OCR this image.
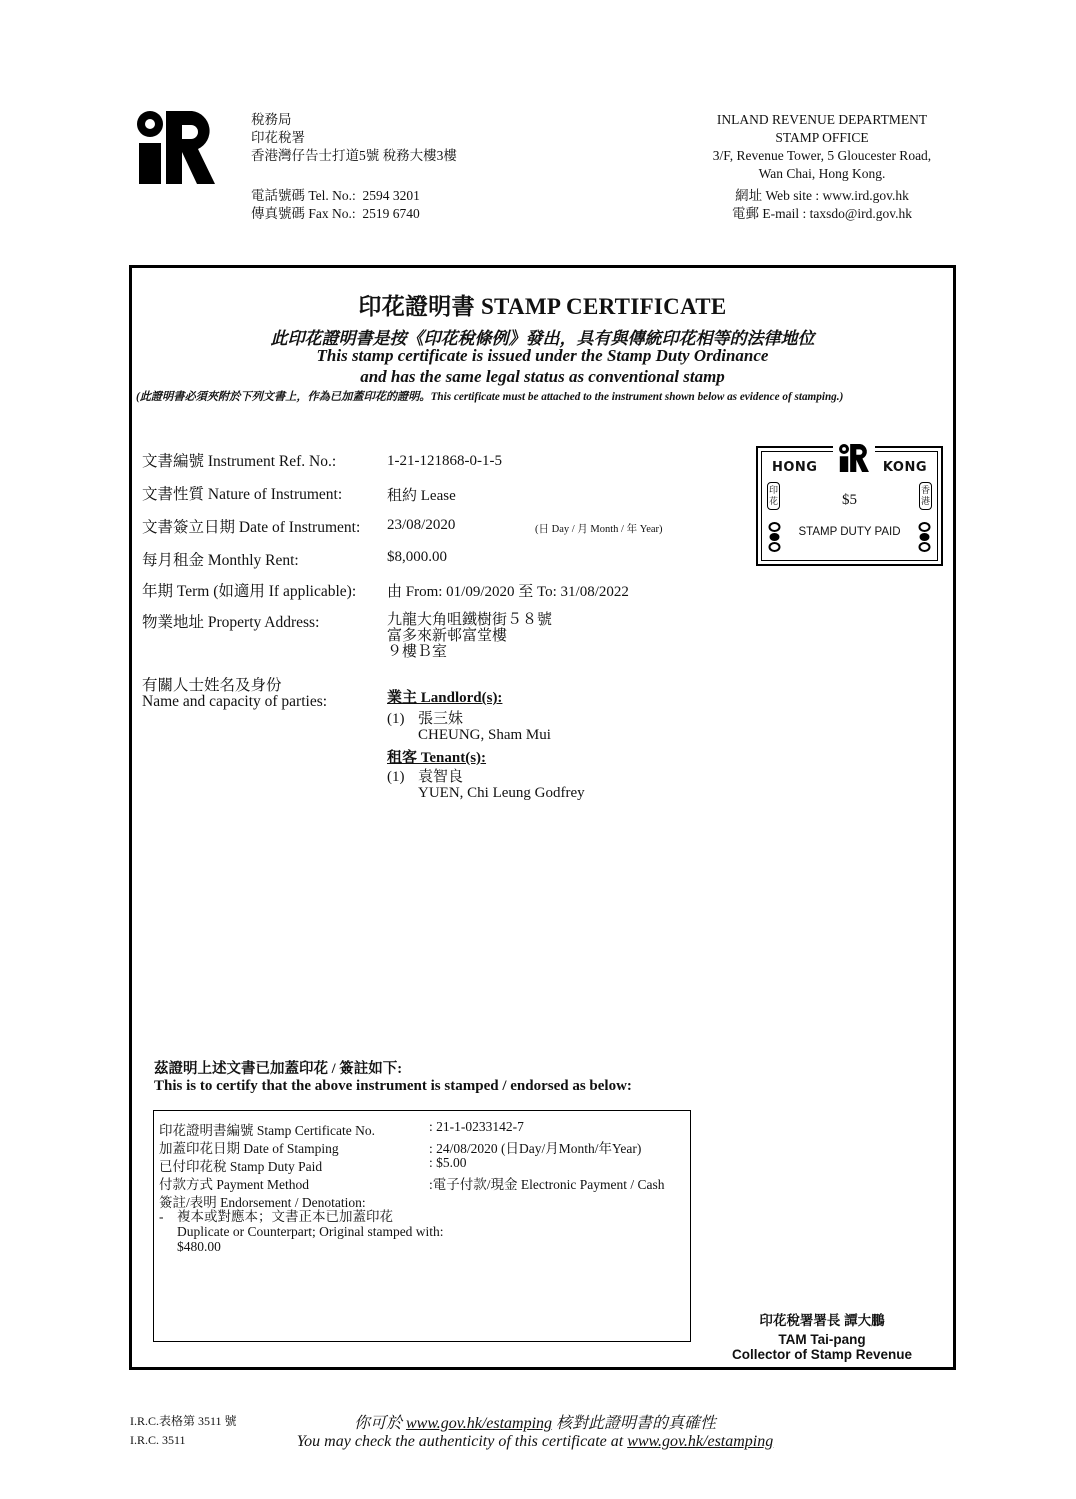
稅務局
印花稅署
香港灣仔告士打道5號 稅務大樓3樓
電話號碼 Tel. No.: 2594 3201
傳真號碼 Fax No.: 2519 6740
INLAND REVENUE DEPARTMENT
STAMP OFFICE
3/F, Revenue Tower, 5 Gloucester Road,
Wan Chai, Hong Kong.
網址 Web site : www.ird.gov.hk
電郵 E-mail : taxsdo@ird.gov.hk
印花證明書 STAMP CERTIFICATE
此印花證明書是按《印花稅條例》發出，具有與傳統印花相等的法律地位
This stamp certificate is issued under the Stamp Duty Ordinance
and has the same legal status as conventional stamp
(此證明書必須夾附於下列文書上，作為已加蓋印花的證明。This certificate must be attached to the instrument shown below as evidence of stamping.)
文書編號 Instrument Ref. No.:	1-21-121868-0-1-5
文書性質 Nature of Instrument:	租約 Lease
文書簽立日期 Date of Instrument: 23/08/2020	(日 Day / 月 Month / 年 Year)
每月租金 Monthly Rent:	$8,000.00
年期 Term (如適用 If applicable): 由 From: 01/09/2020 至 To: 31/08/2022
物業地址 Property Address:	九龍大角咀鐵樹街５８號
富多來新邨富堂樓
９樓Ｂ室
有關人士姓名及身份
Name and capacity of parties:	業主 Landlord(s):
(1) 張三妹
CHEUNG, Sham Mui
租客 Tenant(s):
(1) 袁智良
YUEN, Chi Leung Godfrey
HONG	KONG
印花	$5
香港
STAMP DUTY PAID
茲證明上述文書已加蓋印花 / 簽註如下:
This is to certify that the above instrument is stamped / endorsed as below:
印花證明書編號 Stamp Certificate No.	: 21-1-0233142-7
加蓋印花日期 Date of Stamping	: 24/08/2020 (日Day/月Month/年Year)
已付印花稅 Stamp Duty Paid	: $5.00
付款方式 Payment Method	:電子付款/現金 Electronic Payment / Cash
簽註/表明 Endorsement / Denotation:
- 複本或對應本；文書正本已加蓋印花
Duplicate or Counterpart; Original stamped with:
$480.00
印花稅署署長 譚大鵬
TAM Tai-pang
Collector of Stamp Revenue
I.R.C.表格第 3511 號
I.R.C. 3511
你可於 www.gov.hk/estamping 核對此證明書的真確性
You may check the authenticity of this certificate at www.gov.hk/estamping
